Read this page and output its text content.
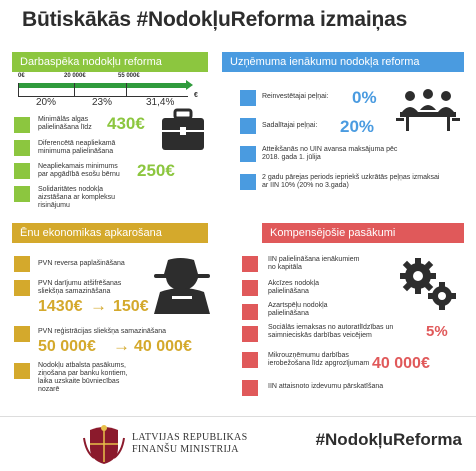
Būtiskākās #NodokļuReforma izmaiņas
Darbaspēka nodokļu reforma
0€	20 000€	55 000€
€
20%	23%	31,4%
Minimālās algas palielināšana līdz 430€
Diferencētā neapliekamā minimuma palielināšana
Neapliekamais minimums par apgādībā esošu bērnu 250€
Solidaritātes nodokļa aizstāšana ar kompleksu risinājumu
Uzņēmuma ienākumu nodokļa reforma
Reinvestētajai peļņai:	0%
Sadalītajai peļņai:	20%
Atteikšanās no UIN avansa maksājuma pēc 2018. gada 1. jūlija
2 gadu pārejas periods iepriekš uzkrātās peļņas izmaksai ar IIN 10% (20% no 3.gada)
Ēnu ekonomikas apkarošana
PVN reversa paplašināšana
PVN darījumu atšifrēšanas sliekšņa samazināšana
1430€ → 150€
PVN reģistrācijas sliekšņa samazināšana
50 000€ → 40 000€
Nodokļu atbalsta pasākums, ziņošana par banku kontiem, laika uzskaite būvniecības nozarē
Kompensējošie pasākumi
IIN palielināšana ienākumiem no kapitāla
Akcīzes nodokļa palielināšana
Azartspēļu nodokļa palielināšana
Sociālās iemaksas no autoratlīdzības un saimnieciskās darbības veicējiem	5%
Mikrouzņēmumu darbības ierobežošana līdz apgrozījumam 40 000€
IIN attaisnoto izdevumu pārskatīšana
LATVIJAS REPUBLIKAS
FINANŠU MINISTRIJA
#NodokļuReforma
